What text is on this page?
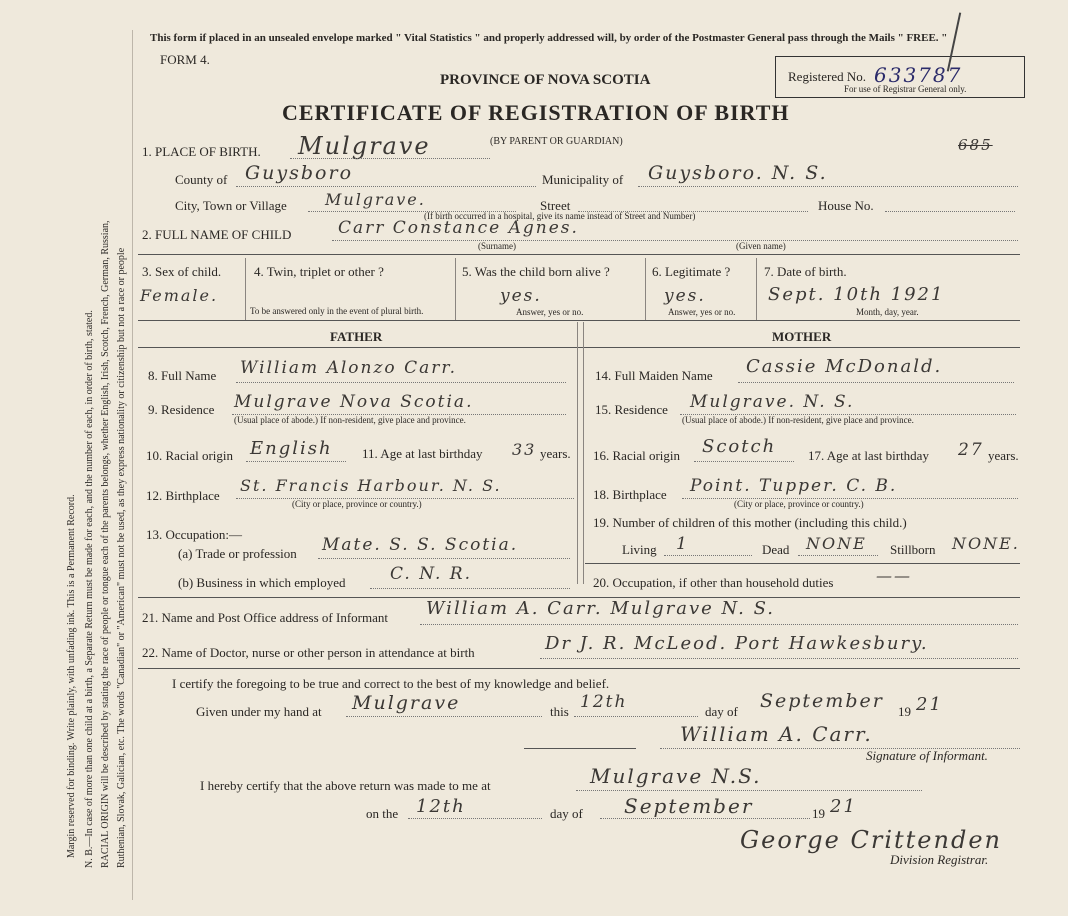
Margin reserved for binding. Write plainly, with unfading ink. This is a Permanent Record. N. B.—In case of more than one child at a birth, a Separate Return must be made for each, and the number of each, in order of birth, stated. RACIAL ORIGIN will be described by stating the race of people or tongue each of the parents belongs, whether English, Irish, Scotch, French, German, Russian, Ruthenian, Slovak, Galician, etc. The words "Canadian" or "American" must not be used, as they express nationality or citizenship but not a race or people
This form if placed in an unsealed envelope marked " Vital Statistics " and properly addressed will, by order of the Postmaster General pass through the Mails " FREE. "
FORM 4.
PROVINCE OF NOVA SCOTIA
CERTIFICATE OF REGISTRATION OF BIRTH
Registered No. 633787
For use of Registrar General only.
1. PLACE OF BIRTH. Mulgrave	(BY PARENT OR GUARDIAN)	685
County of Guysboro	Municipality of Guysboro. N. S.
City, Town or Village Mulgrave.	Street	House No.
(If birth occurred in a hospital, give its name instead of Street and Number)
2. FULL NAME OF CHILD	Carr Constance Agnes.
(Surname)	(Given name)
3. Sex of child.
Female.
4. Twin, triplet or other ?
To be answered only in the event of plural birth.
5. Was the child born alive ?
yes.
Answer, yes or no.
6. Legitimate ?
yes.
Answer, yes or no.
7. Date of birth.
Sept. 10th 1921
Month, day, year.
FATHER	MOTHER
8. Full Name William Alonzo Carr.
9. Residence Mulgrave Nova Scotia.
(Usual place of abode.) If non-resident, give place and province.
10. Racial origin English 11. Age at last birthday 33 years.
12. Birthplace
St. Francis Harbour. N. S.
(City or place, province or country.)
13. Occupation:—
(a) Trade or profession Mate. S. S. Scotia.
(b) Business in which employed	C. N. R.
14. Full Maiden Name Cassie McDonald.
15. Residence Mulgrave. N. S.
(Usual place of abode.) If non-resident, give place and province.
16. Racial origin Scotch 17. Age at last birthday 27 years.
18. Birthplace Point. Tupper. C. B.
(City or place, province or country.)
19. Number of children of this mother (including this child.)
Living 1	Dead NONE Stillborn NONE.
20. Occupation, if other than household duties	——
21. Name and Post Office address of Informant William A. Carr. Mulgrave N. S.
22. Name of Doctor, nurse or other person in attendance at birth	Dr J. R. McLeod. Port Hawkesbury.
I certify the foregoing to be true and correct to the best of my knowledge and belief.
Given under my hand at Mulgrave	this 12th	day of September 19 21
William A. Carr.
Signature of Informant.
I hereby certify that the above return was made to me at	Mulgrave N.S.
on the 12th	day of September	19 21
George Crittenden
Division Registrar.
